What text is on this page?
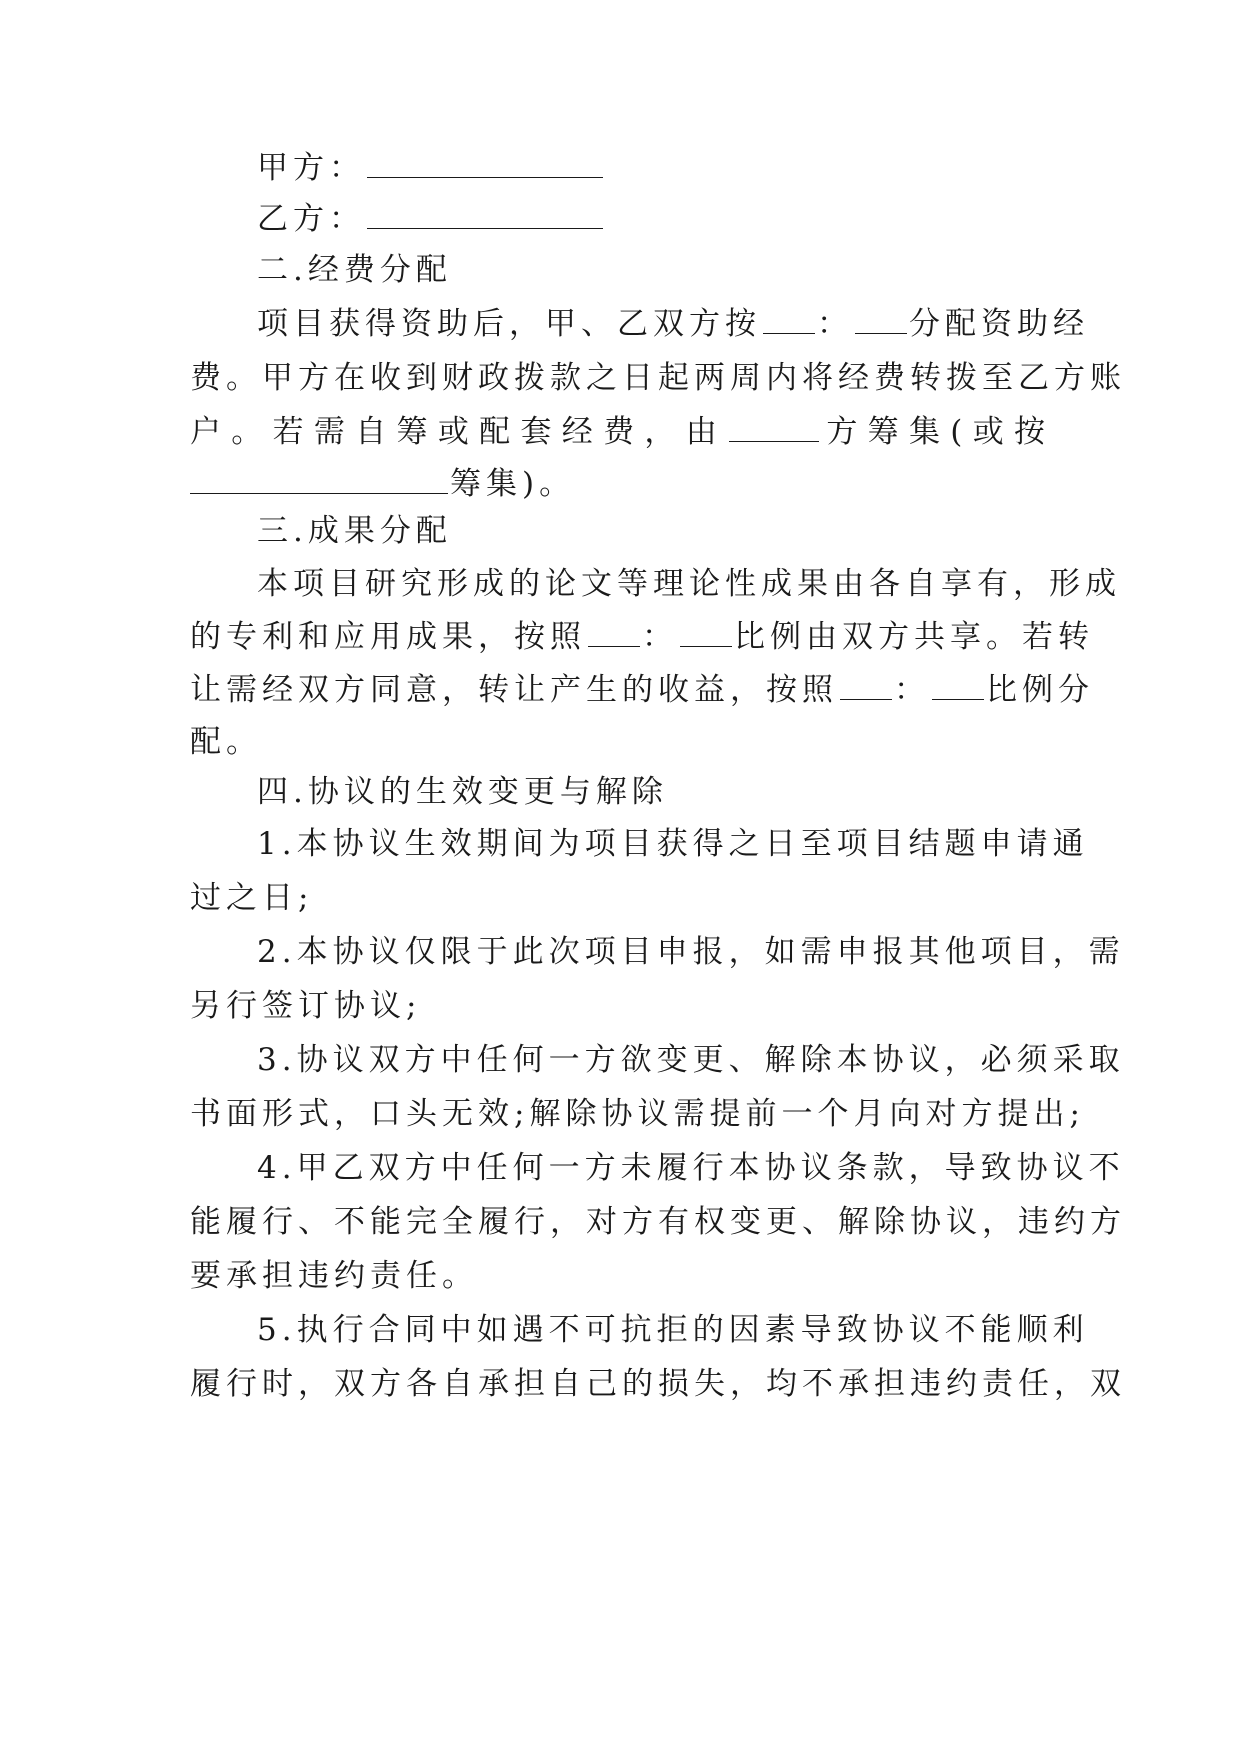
甲方：
乙方：
二.经费分配
项目获得资助后，甲、乙双方按 ： 分配资助经
费。甲方在收到财政拨款之日起两周内将经费转拨至乙方账
户。若需自筹或配套经费，由	方筹集(或按
筹集)。
三.成果分配
本项目研究形成的论文等理论性成果由各自享有，形成
的专利和应用成果，按照 ： 比例由双方共享。若转
让需经双方同意，转让产生的收益，按照 ： 比例分
配。
四.协议的生效变更与解除
1.本协议生效期间为项目获得之日至项目结题申请通
过之日;
2.本协议仅限于此次项目申报，如需申报其他项目，需
另行签订协议;
3.协议双方中任何一方欲变更、解除本协议，必须采取
书面形式，口头无效;解除协议需提前一个月向对方提出;
4.甲乙双方中任何一方未履行本协议条款，导致协议不
能履行、不能完全履行，对方有权变更、解除协议，违约方
要承担违约责任。
5.执行合同中如遇不可抗拒的因素导致协议不能顺利
履行时，双方各自承担自己的损失，均不承担违约责任，双
